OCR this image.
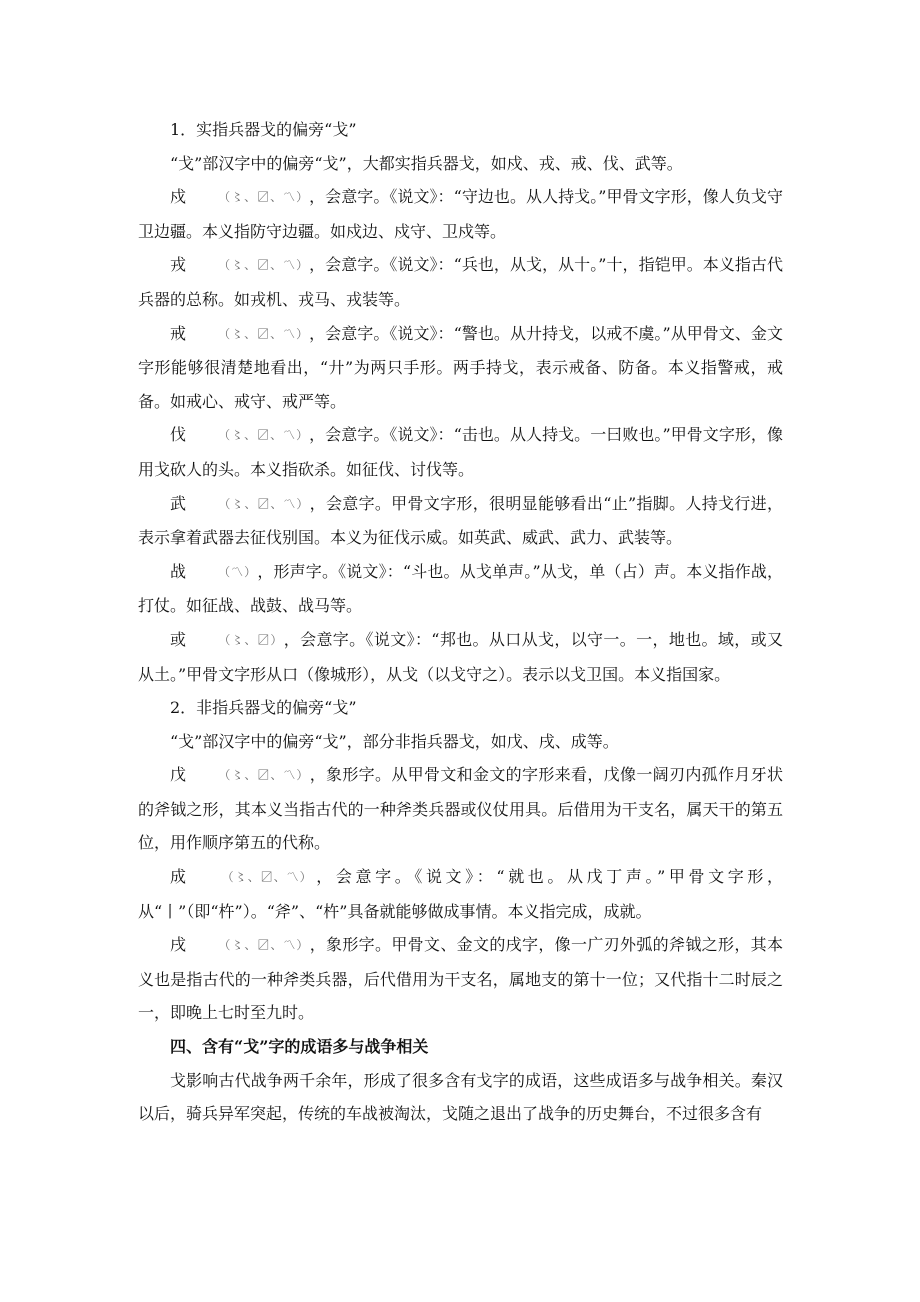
1．实指兵器戈的偏旁“戈”

“戈”部汉字中的偏旁“戈”，大都实指兵器戈，如戍、戎、戒、伐、武等。

戍	（〻、〼、〽），会意字。《说文》：“守边也。从人持戈。”甲骨文字形，像人负戈守卫边疆。本义指防守边疆。如戍边、戍守、卫戍等。

戎	（〻、〼、〽），会意字。《说文》：“兵也，从戈，从十。”十，指铠甲。本义指古代兵器的总称。如戎机、戎马、戎装等。

戒	（〻、〼、〽），会意字。《说文》：“警也。从廾持戈，以戒不虞。”从甲骨文、金文字形能够很清楚地看出，“廾”为两只手形。两手持戈，表示戒备、防备。本义指警戒，戒备。如戒心、戒守、戒严等。

伐	（〻、〼、〽），会意字。《说文》：“击也。从人持戈。一曰败也。”甲骨文字形，像用戈砍人的头。本义指砍杀。如征伐、讨伐等。

武	（〻、〼、〽），会意字。甲骨文字形，很明显能够看出“止”指脚。人持戈行进，表示拿着武器去征伐别国。本义为征伐示威。如英武、威武、武力、武装等。

战	（〽），形声字。《说文》：“斗也。从戈单声。”从戈，单（占）声。本义指作战，打仗。如征战、战鼓、战马等。

或	（〻、〼），会意字。《说文》：“邦也。从口从戈，以守一。一，地也。域，或又从土。”甲骨文字形从口（像城形），从戈（以戈守之）。表示以戈卫国。本义指国家。

2．非指兵器戈的偏旁“戈”

“戈”部汉字中的偏旁“戈”，部分非指兵器戈，如戊、戌、成等。

戊	（〻、〼、〽），象形字。从甲骨文和金文的字形来看，戊像一阔刃内孤作月牙状的斧钺之形，其本义当指古代的一种斧类兵器或仪仗用具。后借用为干支名，属天干的第五位，用作顺序第五的代称。

成	（〻、〼、〽），会意字。《说文》：“就也。从戊丁声。”甲骨文字形，从“丨”（即“杵”）。“斧”、“杵”具备就能够做成事情。本义指完成，成就。

戌	（〻、〼、〽），象形字。甲骨文、金文的戌字，像一广刃外弧的斧钺之形，其本义也是指古代的一种斧类兵器，后代借用为干支名，属地支的第十一位；又代指十二时辰之一，即晚上七时至九时。

四、含有“戈”字的成语多与战争相关

戈影响古代战争两千余年，形成了很多含有戈字的成语，这些成语多与战争相关。秦汉以后，骑兵异军突起，传统的车战被淘汰，戈随之退出了战争的历史舞台，不过很多含有
